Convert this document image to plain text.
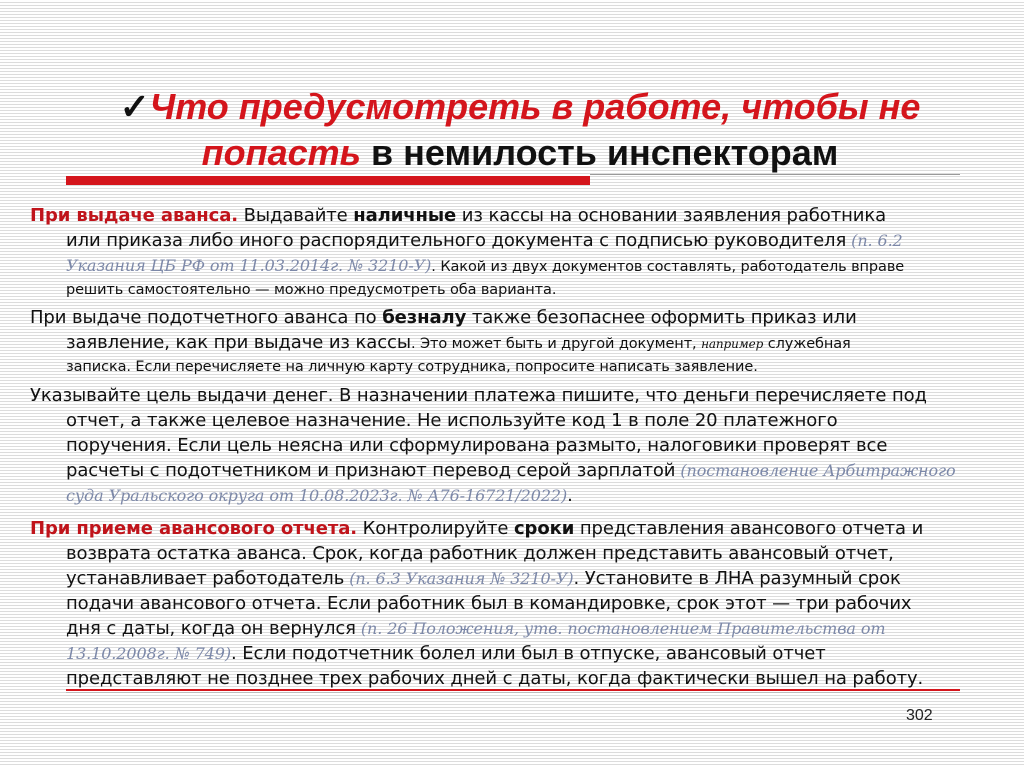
✓Что предусмотреть в работе, чтобы не
попасть в немилость инспекторам
При выдаче аванса. Выдавайте наличные из кассы на основании заявления работника
или приказа либо иного распорядительного документа с подписью руководителя (п. 6.2
Указания ЦБ РФ от 11.03.2014г. № 3210-У). Какой из двух документов составлять, работодатель вправе
решить самостоятельно — можно предусмотреть оба варианта.
При выдаче подотчетного аванса по безналу также безопаснее оформить приказ или
заявление, как при выдаче из кассы. Это может быть и другой документ, например служебная
записка. Если перечисляете на личную карту сотрудника, попросите написать заявление.
Указывайте цель выдачи денег. В назначении платежа пишите, что деньги перечисляете под
отчет, а также целевое назначение. Не используйте код 1 в поле 20 платежного
поручения. Если цель неясна или сформулирована размыто, налоговики проверят все
расчеты с подотчетником и признают перевод серой зарплатой (постановление Арбитражного
суда Уральского округа от 10.08.2023г. № А76-16721/2022).
При приеме авансового отчета. Контролируйте сроки представления авансового отчета и
возврата остатка аванса. Срок, когда работник должен представить авансовый отчет,
устанавливает работодатель (п. 6.3 Указания № 3210-У). Установите в ЛНА разумный срок
подачи авансового отчета. Если работник был в командировке, срок этот — три рабочих
дня с даты, когда он вернулся (п. 26 Положения, утв. постановлением Правительства от
13.10.2008г. № 749). Если подотчетник болел или был в отпуске, авансовый отчет
представляют не позднее трех рабочих дней с даты, когда фактически вышел на работу.
302
